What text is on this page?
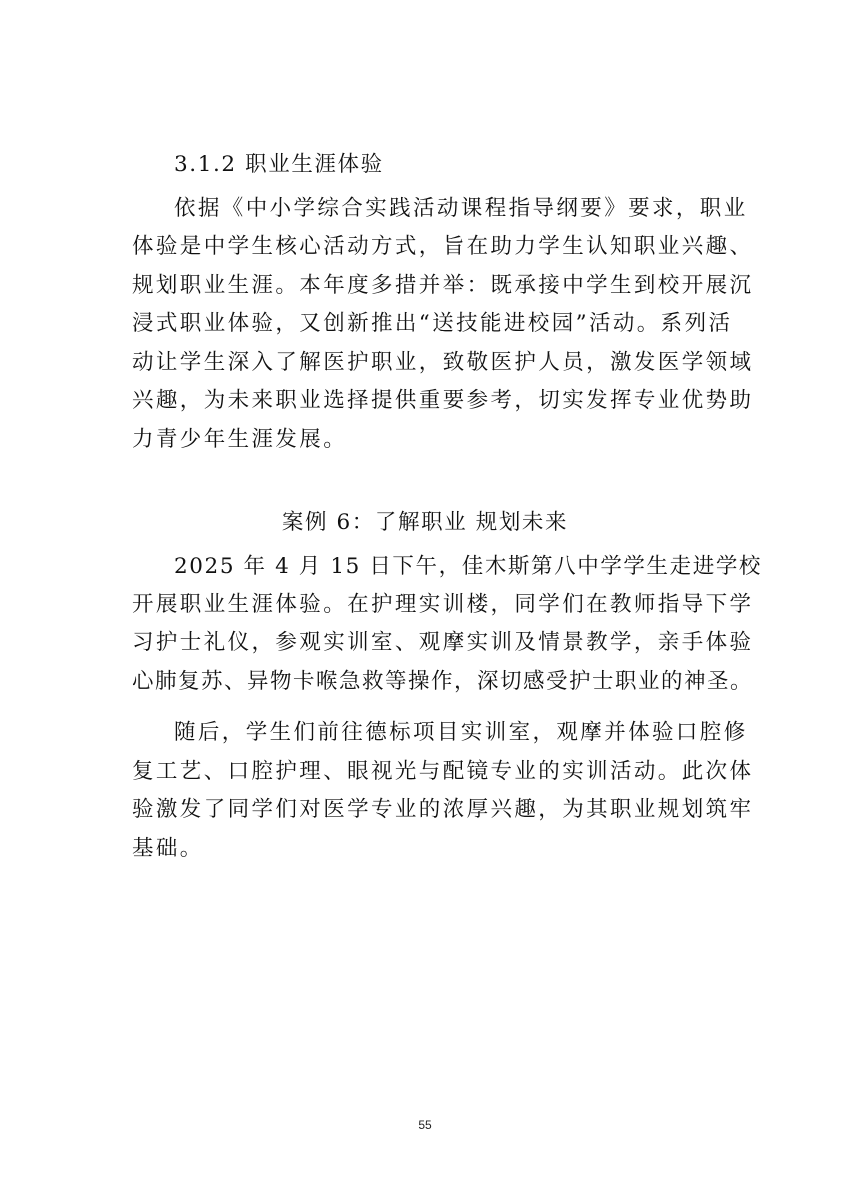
3.1.2 职业生涯体验
依据《中小学综合实践活动课程指导纲要》要求，职业
体验是中学生核心活动方式，旨在助力学生认知职业兴趣、
规划职业生涯。本年度多措并举：既承接中学生到校开展沉
浸式职业体验，又创新推出“送技能进校园”活动。系列活
动让学生深入了解医护职业，致敬医护人员，激发医学领域
兴趣，为未来职业选择提供重要参考，切实发挥专业优势助
力青少年生涯发展。
案例 6：了解职业 规划未来
2025 年 4 月 15 日下午，佳木斯第八中学学生走进学校
开展职业生涯体验。在护理实训楼，同学们在教师指导下学
习护士礼仪，参观实训室、观摩实训及情景教学，亲手体验
心肺复苏、异物卡喉急救等操作，深切感受护士职业的神圣。
随后，学生们前往德标项目实训室，观摩并体验口腔修
复工艺、口腔护理、眼视光与配镜专业的实训活动。此次体
验激发了同学们对医学专业的浓厚兴趣，为其职业规划筑牢
基础。
55
